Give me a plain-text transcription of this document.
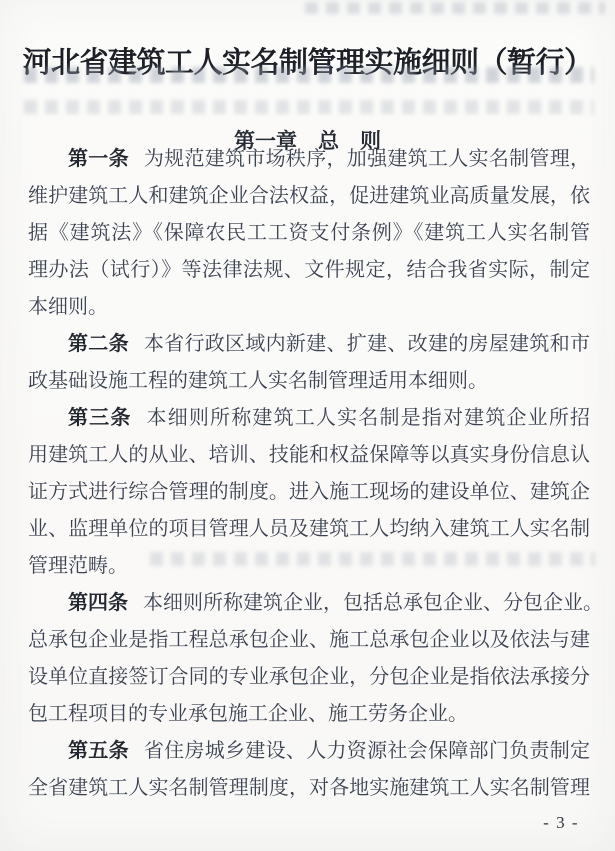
河北省建筑工人实名制管理实施细则（暂行）
第一章　总　则
第一条 为规范建筑市场秩序，加强建筑工人实名制管理，
维护建筑工人和建筑企业合法权益，促进建筑业高质量发展，依
据《建筑法》《保障农民工工资支付条例》《建筑工人实名制管
理办法（试行）》等法律法规、文件规定，结合我省实际，制定
本细则。
第二条 本省行政区域内新建、扩建、改建的房屋建筑和市
政基础设施工程的建筑工人实名制管理适用本细则。
第三条 本细则所称建筑工人实名制是指对建筑企业所招
用建筑工人的从业、培训、技能和权益保障等以真实身份信息认
证方式进行综合管理的制度。进入施工现场的建设单位、建筑企
业、监理单位的项目管理人员及建筑工人均纳入建筑工人实名制
管理范畴。
第四条 本细则所称建筑企业，包括总承包企业、分包企业。
总承包企业是指工程总承包企业、施工总承包企业以及依法与建
设单位直接签订合同的专业承包企业，分包企业是指依法承接分
包工程项目的专业承包施工企业、施工劳务企业。
第五条 省住房城乡建设、人力资源社会保障部门负责制定
全省建筑工人实名制管理制度，对各地实施建筑工人实名制管理
- 3 -
